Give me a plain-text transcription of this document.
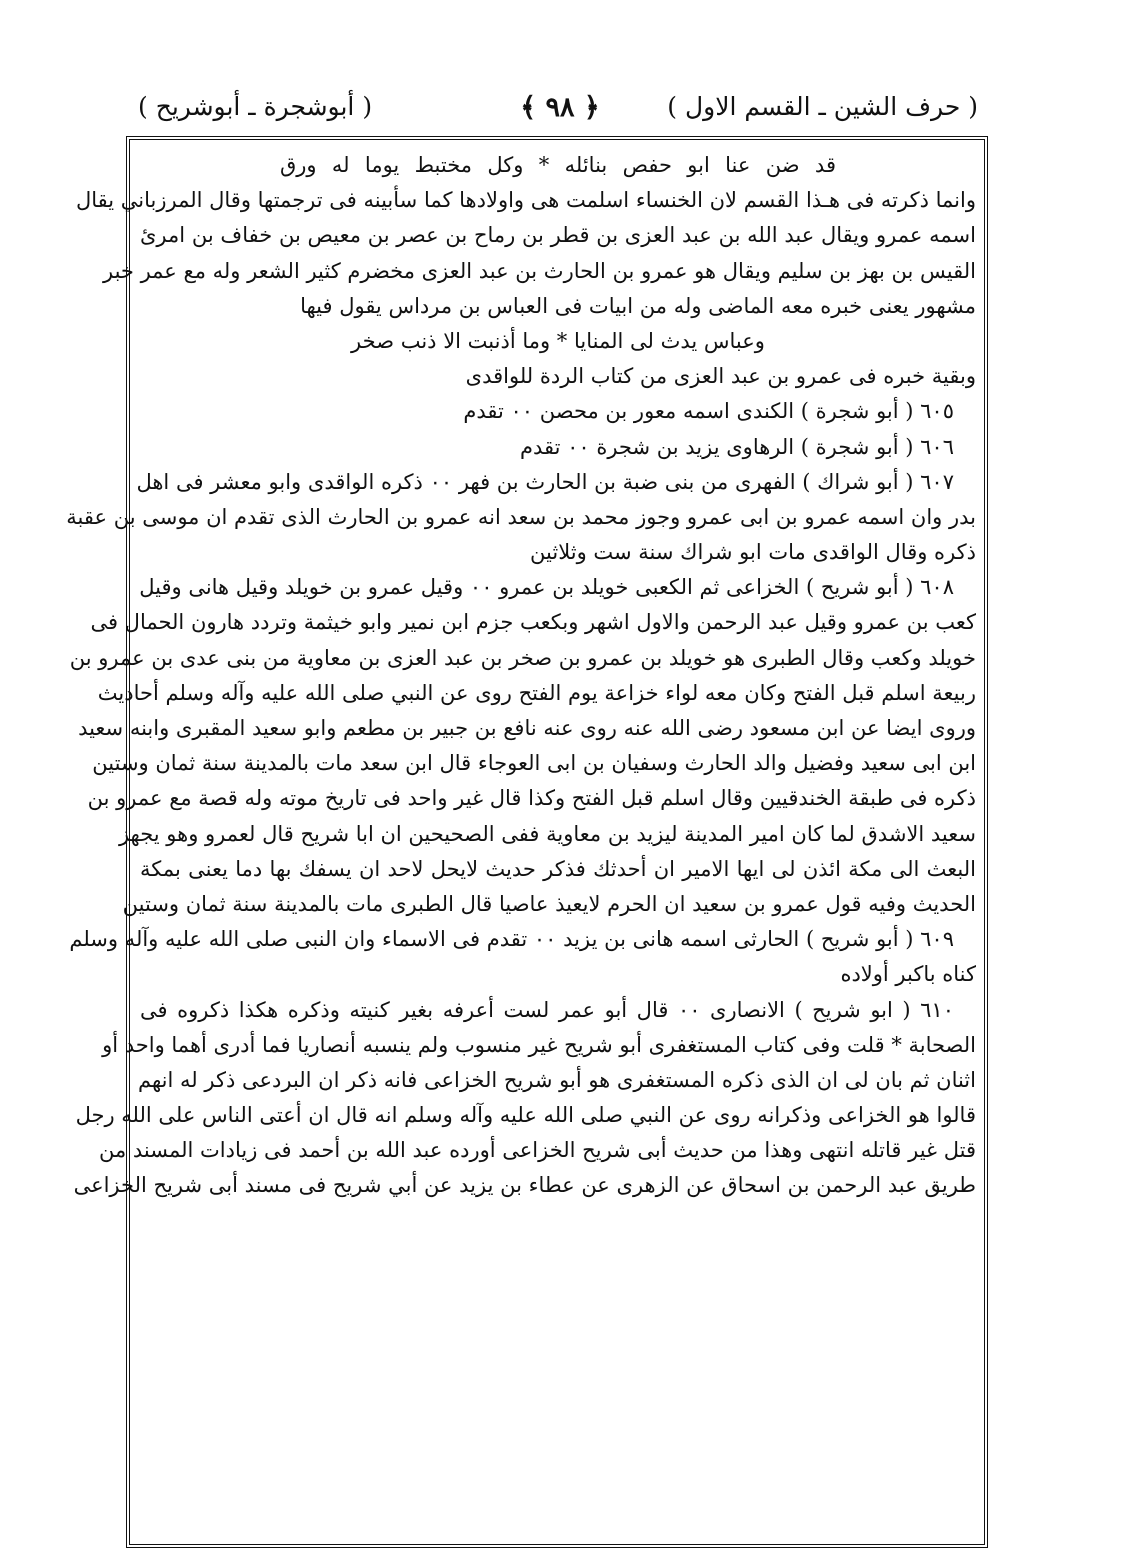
( حرف الشين ـ القسم الاول )
﴿ ٩٨ ﴾
( أبوشجرة ـ أبوشريح )
قد ضن عنا ابو حفص بنائله * وكل مختبط يوما له ورق
وانما ذكرته فى هـذا القسم لان الخنساء اسلمت هى واولادها كما سأبينه فى ترجمتها وقال المرزباني يقال
اسمه عمرو ويقال عبد الله بن عبد العزى بن قطر بن رماح بن عصر بن معيص بن خفاف بن امرئ
القيس بن بهز بن سليم ويقال هو عمرو بن الحارث بن عبد العزى مخضرم كثير الشعر وله مع عمر خبر
مشهور يعنى خبره معه الماضى وله من ابيات فى العباس بن مرداس يقول فيها
وعباس يدث لى المنايا * وما أذنبت الا ذنب صخر
وبقية خبره فى عمرو بن عبد العزى من كتاب الردة للواقدى
٦٠٥ ( أبو شجرة ) الكندى اسمه معور بن محصن ٠٠ تقدم
٦٠٦ ( أبو شجرة ) الرهاوى يزيد بن شجرة ٠٠ تقدم
٦٠٧ ( أبو شراك ) الفهرى من بنى ضبة بن الحارث بن فهر ٠٠ ذكره الواقدى وابو معشر فى اهل
بدر وان اسمه عمرو بن ابى عمرو وجوز محمد بن سعد انه عمرو بن الحارث الذى تقدم ان موسى بن عقبة
ذكره وقال الواقدى مات ابو شراك سنة ست وثلاثين
٦٠٨ ( أبو شريح ) الخزاعى ثم الكعبى خويلد بن عمرو ٠٠ وقيل عمرو بن خويلد وقيل هانى وقيل
كعب بن عمرو وقيل عبد الرحمن والاول اشهر وبكعب جزم ابن نمير وابو خيثمة وتردد هارون الحمال فى
خويلد وكعب وقال الطبرى هو خويلد بن عمرو بن صخر بن عبد العزى بن معاوية من بنى عدى بن عمرو بن
ربيعة اسلم قبل الفتح وكان معه لواء خزاعة يوم الفتح روى عن النبي صلى الله عليه وآله وسلم أحاديث
وروى ايضا عن ابن مسعود رضى الله عنه روى عنه نافع بن جبير بن مطعم وابو سعيد المقبرى وابنه سعيد
ابن ابى سعيد وفضيل والد الحارث وسفيان بن ابى العوجاء قال ابن سعد مات بالمدينة سنة ثمان وستين
ذكره فى طبقة الخندقيين وقال اسلم قبل الفتح وكذا قال غير واحد فى تاريخ موته وله قصة مع عمرو بن
سعيد الاشدق لما كان امير المدينة ليزيد بن معاوية ففى الصحيحين ان ابا شريح قال لعمرو وهو يجهز
البعث الى مكة ائذن لى ايها الامير ان أحدثك فذكر حديث لايحل لاحد ان يسفك بها دما يعنى بمكة
الحديث وفيه قول عمرو بن سعيد ان الحرم لايعيذ عاصيا قال الطبرى مات بالمدينة سنة ثمان وستين
٦٠٩ ( أبو شريح ) الحارثى اسمه هانى بن يزيد ٠٠ تقدم فى الاسماء وان النبى صلى الله عليه وآله وسلم
كناه باكبر أولاده
٦١٠ ( ابو شريح ) الانصارى ٠٠ قال أبو عمر لست أعرفه بغير كنيته وذكره هكذا ذكروه فى
الصحابة * قلت وفى كتاب المستغفرى أبو شريح غير منسوب ولم ينسبه أنصاريا فما أدرى أهما واحد أو
اثنان ثم بان لى ان الذى ذكره المستغفرى هو أبو شريح الخزاعى فانه ذكر ان البردعى ذكر له انهم
قالوا هو الخزاعى وذكرانه روى عن النبي صلى الله عليه وآله وسلم انه قال ان أعتى الناس على الله رجل
قتل غير قاتله انتهى وهذا من حديث أبى شريح الخزاعى أورده عبد الله بن أحمد فى زيادات المسند من
طريق عبد الرحمن بن اسحاق عن الزهرى عن عطاء بن يزيد عن أبي شريح فى مسند أبى شريح الخزاعى
